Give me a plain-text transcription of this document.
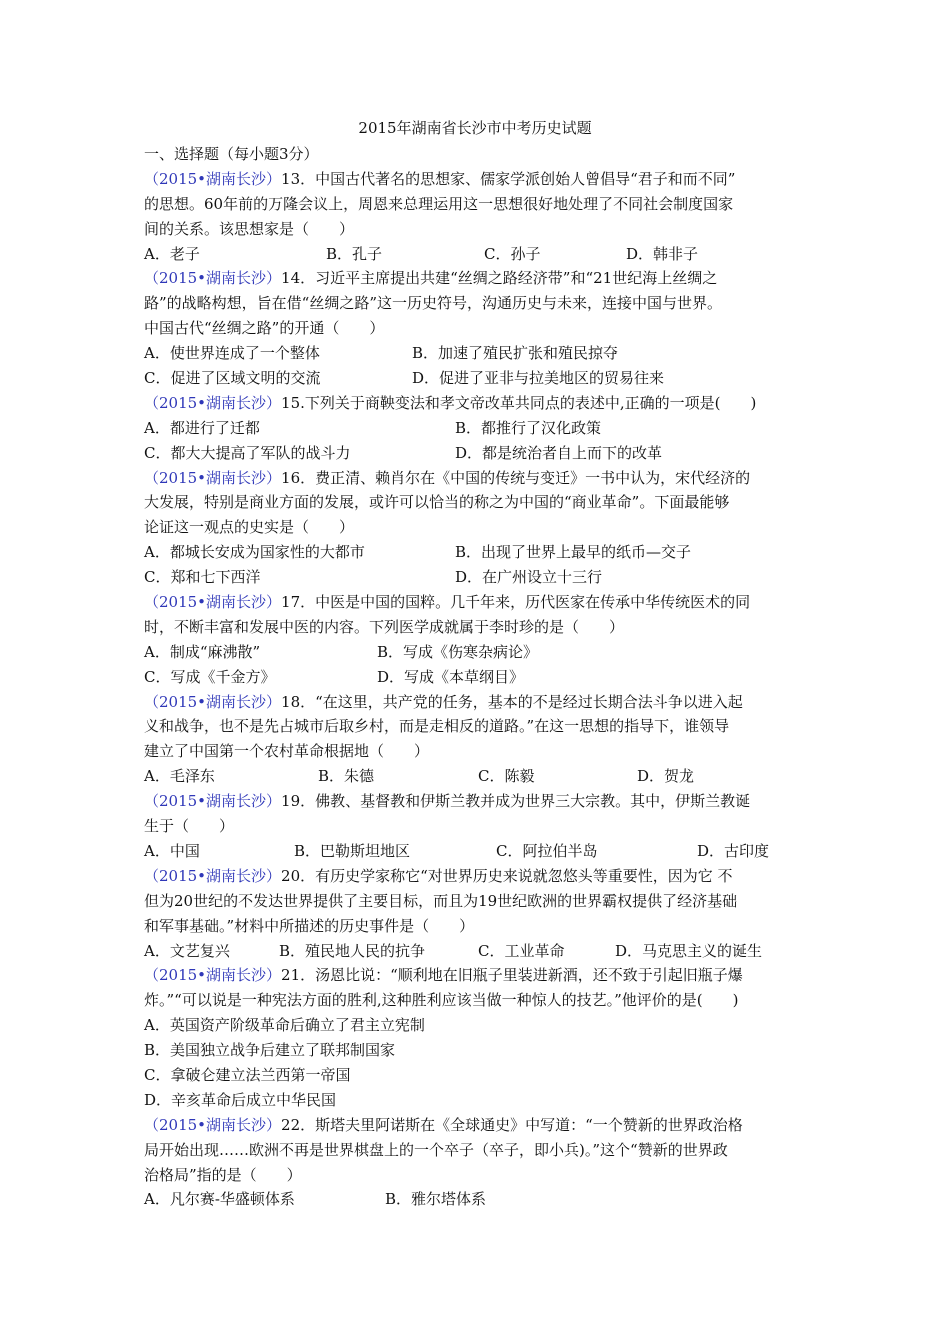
2015年湖南省长沙市中考历史试题
一、选择题（每小题3分）
（2015•湖南长沙）13．中国古代著名的思想家、儒家学派创始人曾倡导“君子和而不同”
的思想。60年前的万隆会议上，周恩来总理运用这一思想很好地处理了不同社会制度国家
间的关系。该思想家是（　　）
A．老子	B．孔子	C．孙子	D．韩非子
（2015•湖南长沙）14．习近平主席提出共建“丝绸之路经济带”和“21世纪海上丝绸之
路”的战略构想，旨在借“丝绸之路”这一历史符号，沟通历史与未来，连接中国与世界。
中国古代“丝绸之路”的开通（　　）
A．使世界连成了一个整体	B．加速了殖民扩张和殖民掠夺
C．促进了区域文明的交流	D．促进了亚非与拉美地区的贸易往来
（2015•湖南长沙）15.下列关于商鞅变法和孝文帝改革共同点的表述中,正确的一项是(　　)
A．都进行了迁都	B．都推行了汉化政策
C．都大大提高了军队的战斗力	D．都是统治者自上而下的改革
（2015•湖南长沙）16．费正清、赖肖尔在《中国的传统与变迁》一书中认为，宋代经济的
大发展，特别是商业方面的发展，或许可以恰当的称之为中国的“商业革命”。下面最能够
论证这一观点的史实是（　　）
A．都城长安成为国家性的大都市	B．出现了世界上最早的纸币—交子
C．郑和七下西洋	D．在广州设立十三行
（2015•湖南长沙）17．中医是中国的国粹。几千年来，历代医家在传承中华传统医术的同
时，不断丰富和发展中医的内容。下列医学成就属于李时珍的是（　　）
A．制成“麻沸散”	B．写成《伤寒杂病论》
C．写成《千金方》	D．写成《本草纲目》
（2015•湖南长沙）18．“在这里，共产党的任务，基本的不是经过长期合法斗争以进入起
义和战争，也不是先占城市后取乡村，而是走相反的道路。”在这一思想的指导下，谁领导
建立了中国第一个农村革命根据地（　　）
A．毛泽东	B．朱德	C．陈毅	D．贺龙
（2015•湖南长沙）19．佛教、基督教和伊斯兰教并成为世界三大宗教。其中，伊斯兰教诞
生于（　　）
A．中国	B．巴勒斯坦地区	C．阿拉伯半岛	D．古印度
（2015•湖南长沙）20．有历史学家称它“对世界历史来说就忽悠头等重要性，因为它 不
但为20世纪的不发达世界提供了主要目标，而且为19世纪欧洲的世界霸权提供了经济基础
和军事基础。”材料中所描述的历史事件是（　　）
A．文艺复兴	B．殖民地人民的抗争	C．工业革命	D．马克思主义的诞生
（2015•湖南长沙）21．汤恩比说：“顺利地在旧瓶子里装进新酒，还不致于引起旧瓶子爆
炸。”“可以说是一种宪法方面的胜利,这种胜利应该当做一种惊人的技艺。”他评价的是(　　)
A．英国资产阶级革命后确立了君主立宪制
B．美国独立战争后建立了联邦制国家
C．拿破仑建立法兰西第一帝国
D．辛亥革命后成立中华民国
（2015•湖南长沙）22．斯塔夫里阿诺斯在《全球通史》中写道：“一个赞新的世界政治格
局开始出现……欧洲不再是世界棋盘上的一个卒子（卒子，即小兵)。”这个“赞新的世界政
治格局”指的是（　　）
A．凡尔赛-华盛顿体系	B．雅尔塔体系
